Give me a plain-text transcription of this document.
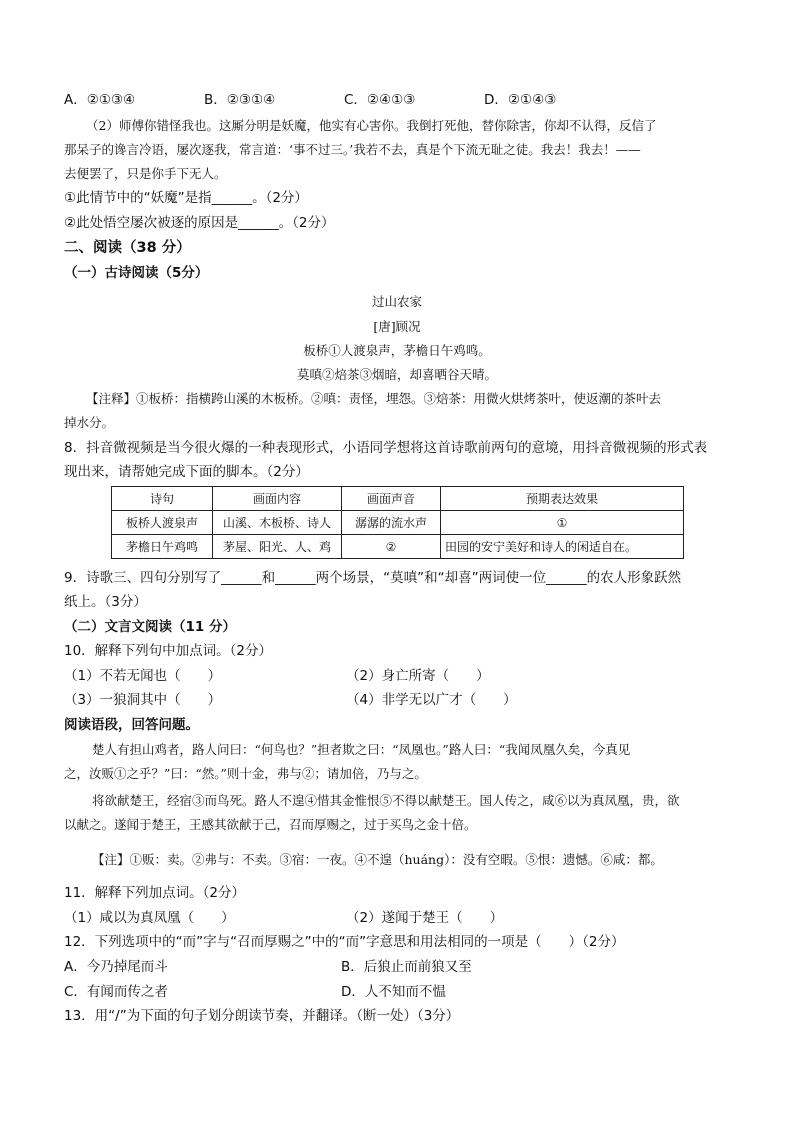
A．②①③④	B．②③①④	C．②④①③	D．②①④③
（2）师傅你错怪我也。这厮分明是妖魔，他实有心害你。我倒打死他，替你除害，你却不认得，反信了
那呆子的谗言冷语，屡次逐我，常言道：‘事不过三。’我若不去，真是个下流无耻之徒。我去！我去！——
去便罢了，只是你手下无人。
①此情节中的“妖魔”是指______。（2分）
②此处悟空屡次被逐的原因是______。（2分）
二、阅读（38 分）
（一）古诗阅读（5分）
过山农家
[唐]顾况
板桥①人渡泉声，茅檐日午鸡鸣。
莫嗔②焙茶③烟暗，却喜晒谷天晴。
【注释】①板桥：指横跨山溪的木板桥。②嗔：责怪，埋怨。③焙茶：用微火烘烤茶叶，使返潮的茶叶去
掉水分。
8．抖音微视频是当今很火爆的一种表现形式，小语同学想将这首诗歌前两句的意境，用抖音微视频的形式表
现出来，请帮她完成下面的脚本。（2分）
诗句	画面内容	画面声音	预期表达效果
板桥人渡泉声	山溪、木板桥、诗人	潺潺的流水声	①
茅檐日午鸡鸣	茅屋、阳光、人、鸡	②	田园的安宁美好和诗人的闲适自在。
9．诗歌三、四句分别写了______和______两个场景，“莫嗔”和“却喜”两词使一位______的农人形象跃然
纸上。（3分）
（二）文言文阅读（11 分）
10．解释下列句中加点词。（2分）
（1）不若无闻也（　　）	（2）身亡所寄（　　）
（3）一狼洞其中（　　）	（4）非学无以广才（　　）
阅读语段，回答问题。
楚人有担山鸡者，路人问曰：“何鸟也？”担者欺之曰：“凤凰也。”路人曰：“我闻凤凰久矣，今真见
之，汝贩①之乎？”曰：“然。”则十金，弗与②；请加倍，乃与之。
将欲献楚王，经宿③而鸟死。路人不遑④惜其金惟恨⑤不得以献楚王。国人传之，咸⑥以为真凤凰，贵，欲
以献之。遂闻于楚王，王感其欲献于己，召而厚赐之，过于买鸟之金十倍。
【注】①贩：卖。②弗与：不卖。③宿：一夜。④不遑（huáng）：没有空暇。⑤恨：遗憾。⑥咸：都。
11．解释下列加点词。（2分）
（1）咸以为真凤凰（　　）	（2）遂闻于楚王（　　）
12．下列选项中的“而”字与“召而厚赐之”中的“而”字意思和用法相同的一项是（　　）（2分）
A．今乃掉尾而斗	B．后狼止而前狼又至
C．有闻而传之者	D．人不知而不愠
13．用“/”为下面的句子划分朗读节奏，并翻译。（断一处）（3分）
